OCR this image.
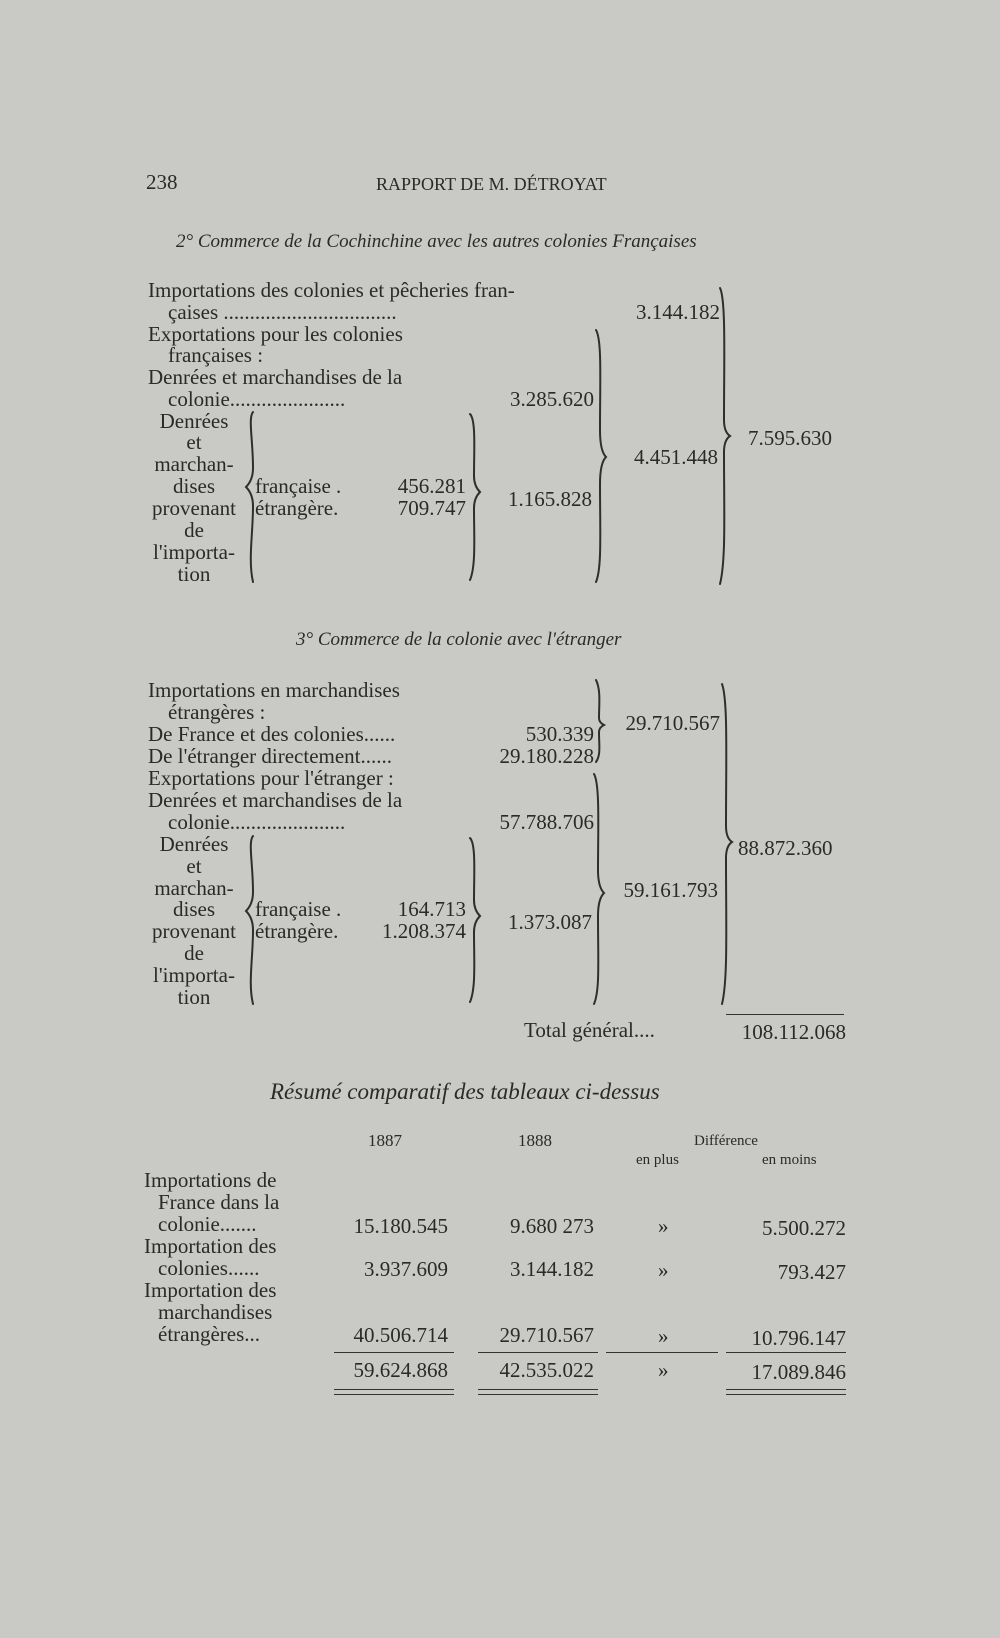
238	RAPPORT DE M. DÉTROYAT
2° Commerce de la Cochinchine avec les autres colonies Françaises
Importations des colonies et pêcheries fran-
çaises .................................	3.144.182
Exportations pour les colonies
françaises :
Denrées et marchandises de la
colonie......................	3.285.620
Denrées
et
marchan-
dises
provenant
de
l'importa-
tion
française .	456.281
étrangère.	709.747	1.165.828
4.451.448
7.595.630
3° Commerce de la colonie avec l'étranger
Importations en marchandises
étrangères :
De France et des colonies......	530.339
De l'étranger directement......	29.180.228
29.710.567
Exportations pour l'étranger :
Denrées et marchandises de la
colonie......................	57.788.706
Denrées
et
marchan-
dises
provenant
de
l'importa-
tion
française .	164.713
étrangère.	1.208.374	1.373.087
59.161.793
88.872.360
Total général....	108.112.068
Résumé comparatif des tableaux ci-dessus
1887	1888	Différence
en plus	en moins
Importations de
France dans la
colonie.......	15.180.545	9.680 273	»	5.500.272
Importation des
colonies......	3.937.609	3.144.182	»	793.427
Importation des
marchandises
étrangères...	40.506.714	29.710.567	»	10.796.147
59.624.868	42.535.022	»	17.089.846
